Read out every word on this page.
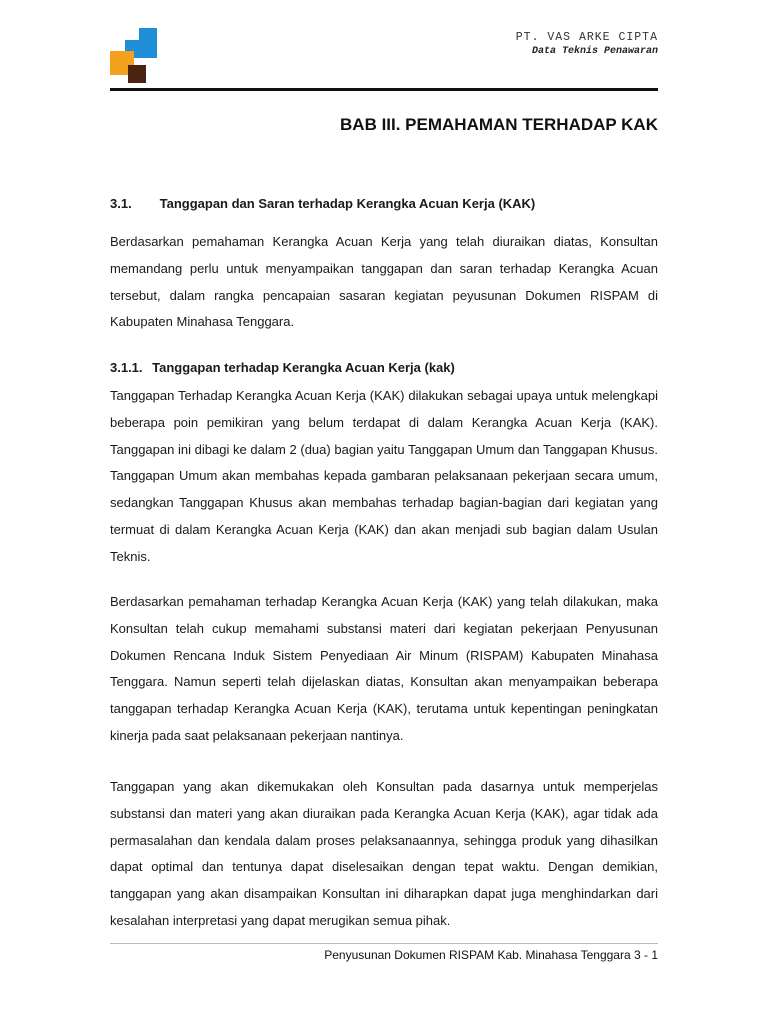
PT. VAS ARKE CIPTA
Data Teknis Penawaran
BAB III. PEMAHAMAN TERHADAP KAK
3.1. Tanggapan dan Saran terhadap Kerangka Acuan Kerja (KAK)

Berdasarkan pemahaman Kerangka Acuan Kerja yang telah diuraikan diatas, Konsultan memandang perlu untuk menyampaikan tanggapan dan saran terhadap Kerangka Acuan tersebut, dalam rangka pencapaian sasaran kegiatan peyusunan Dokumen RISPAM di Kabupaten Minahasa Tenggara.

3.1.1. Tanggapan terhadap Kerangka Acuan Kerja (kak)

Tanggapan Terhadap Kerangka Acuan Kerja (KAK) dilakukan sebagai upaya untuk melengkapi beberapa poin pemikiran yang belum terdapat di dalam Kerangka Acuan Kerja (KAK). Tanggapan ini dibagi ke dalam 2 (dua) bagian yaitu Tanggapan Umum dan Tanggapan Khusus. Tanggapan Umum akan membahas kepada gambaran pelaksanaan pekerjaan secara umum, sedangkan Tanggapan Khusus akan membahas terhadap bagian-bagian dari kegiatan yang termuat di dalam Kerangka Acuan Kerja (KAK) dan akan menjadi sub bagian dalam Usulan Teknis.

Berdasarkan pemahaman terhadap Kerangka Acuan Kerja (KAK) yang telah dilakukan, maka Konsultan telah cukup memahami substansi materi dari kegiatan pekerjaan Penyusunan Dokumen Rencana Induk Sistem Penyediaan Air Minum (RISPAM) Kabupaten Minahasa Tenggara. Namun seperti telah dijelaskan diatas, Konsultan akan menyampaikan beberapa tanggapan terhadap Kerangka Acuan Kerja (KAK), terutama untuk kepentingan peningkatan kinerja pada saat pelaksanaan pekerjaan nantinya.

Tanggapan yang akan dikemukakan oleh Konsultan pada dasarnya untuk memperjelas substansi dan materi yang akan diuraikan pada Kerangka Acuan Kerja (KAK), agar tidak ada permasalahan dan kendala dalam proses pelaksanaannya, sehingga produk yang dihasilkan dapat optimal dan tentunya dapat diselesaikan dengan tepat waktu. Dengan demikian, tanggapan yang akan disampaikan Konsultan ini diharapkan dapat juga menghindarkan dari kesalahan interpretasi yang dapat merugikan semua pihak.

Penyusunan Dokumen RISPAM Kab. Minahasa Tenggara 3 - 1
